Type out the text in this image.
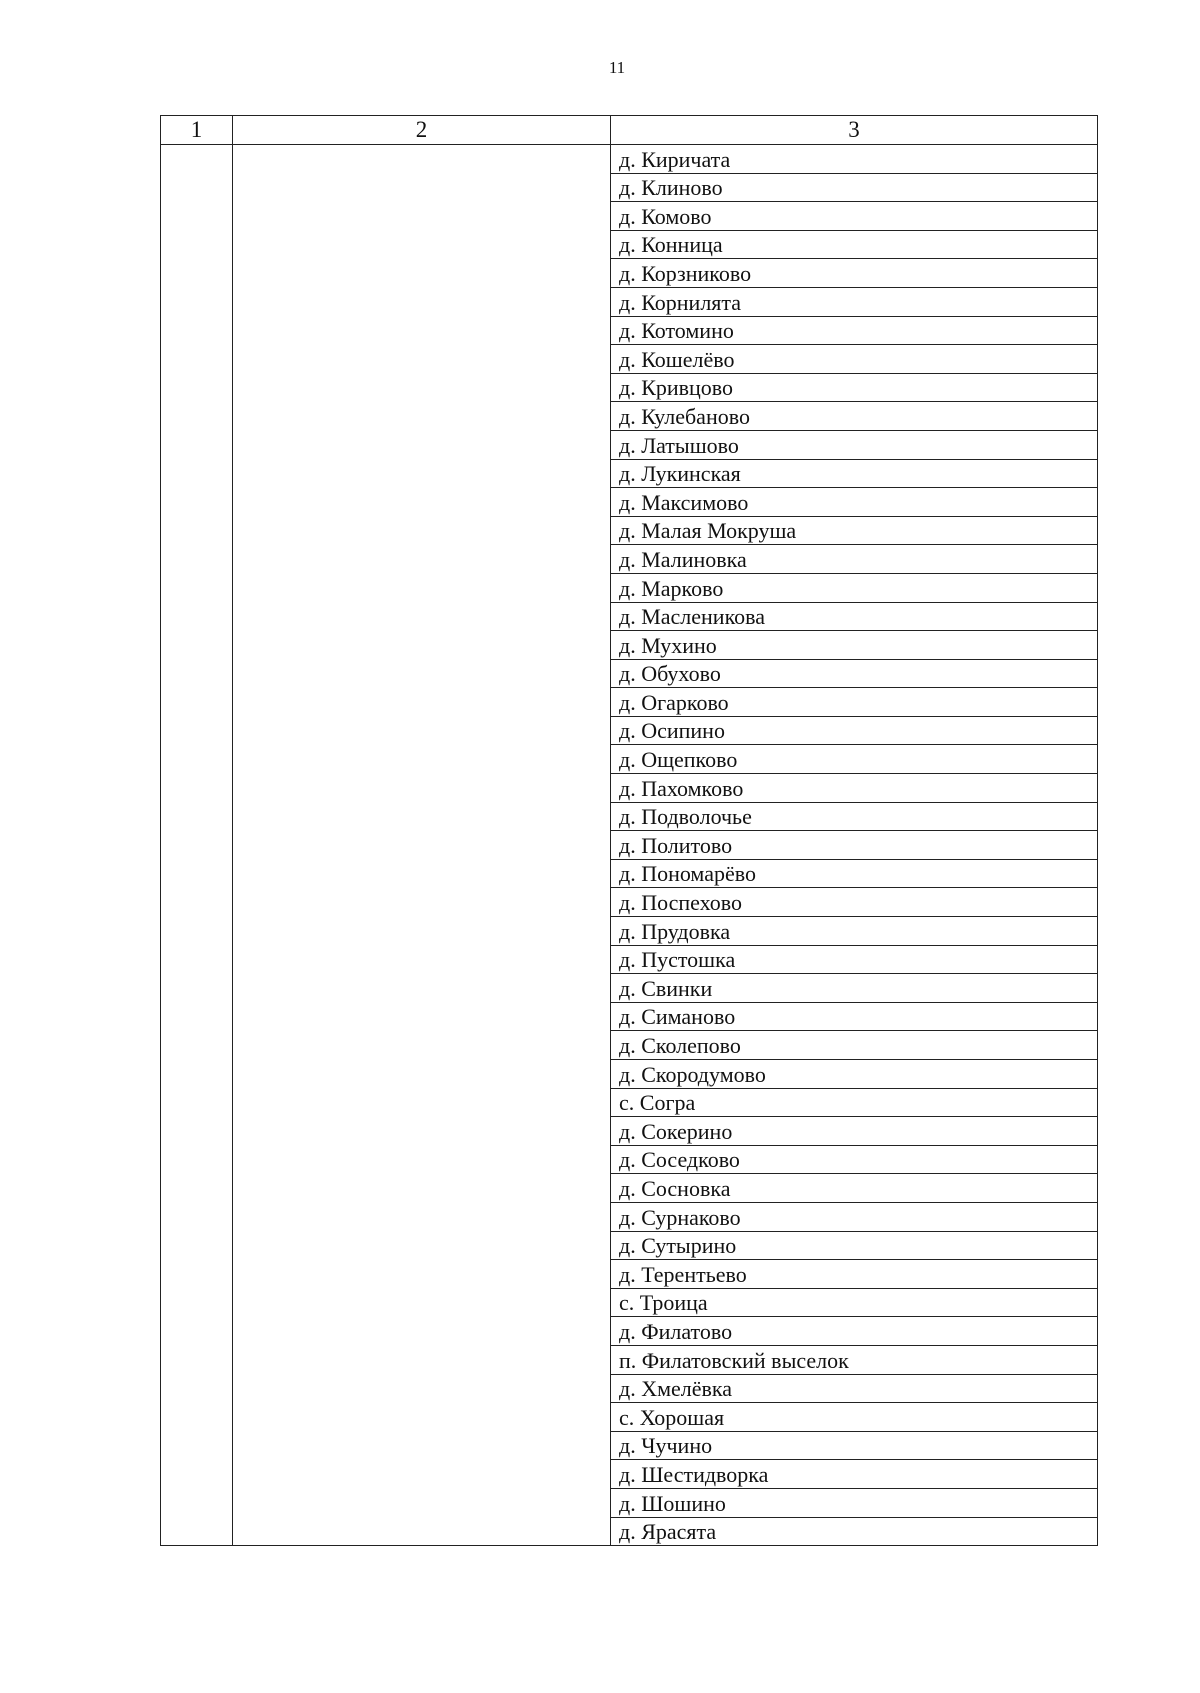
11
1	2	3
		д. Киричата
		д. Клиново
		д. Комово
		д. Конница
		д. Корзниково
		д. Корнилята
		д. Котомино
		д. Кошелёво
		д. Кривцово
		д. Кулебаново
		д. Латышово
		д. Лукинская
		д. Максимово
		д. Малая Мокруша
		д. Малиновка
		д. Марково
		д. Масленикова
		д. Мухино
		д. Обухово
		д. Огарково
		д. Осипино
		д. Ощепково
		д. Пахомково
		д. Подволочье
		д. Политово
		д. Пономарёво
		д. Поспехово
		д. Прудовка
		д. Пустошка
		д. Свинки
		д. Симаново
		д. Сколепово
		д. Скородумово
		с. Согра
		д. Сокерино
		д. Соседково
		д. Сосновка
		д. Сурнаково
		д. Сутырино
		д. Терентьево
		с. Троица
		д. Филатово
		п. Филатовский выселок
		д. Хмелёвка
		с. Хорошая
		д. Чучино
		д. Шестидворка
		д. Шошино
		д. Ярасята
